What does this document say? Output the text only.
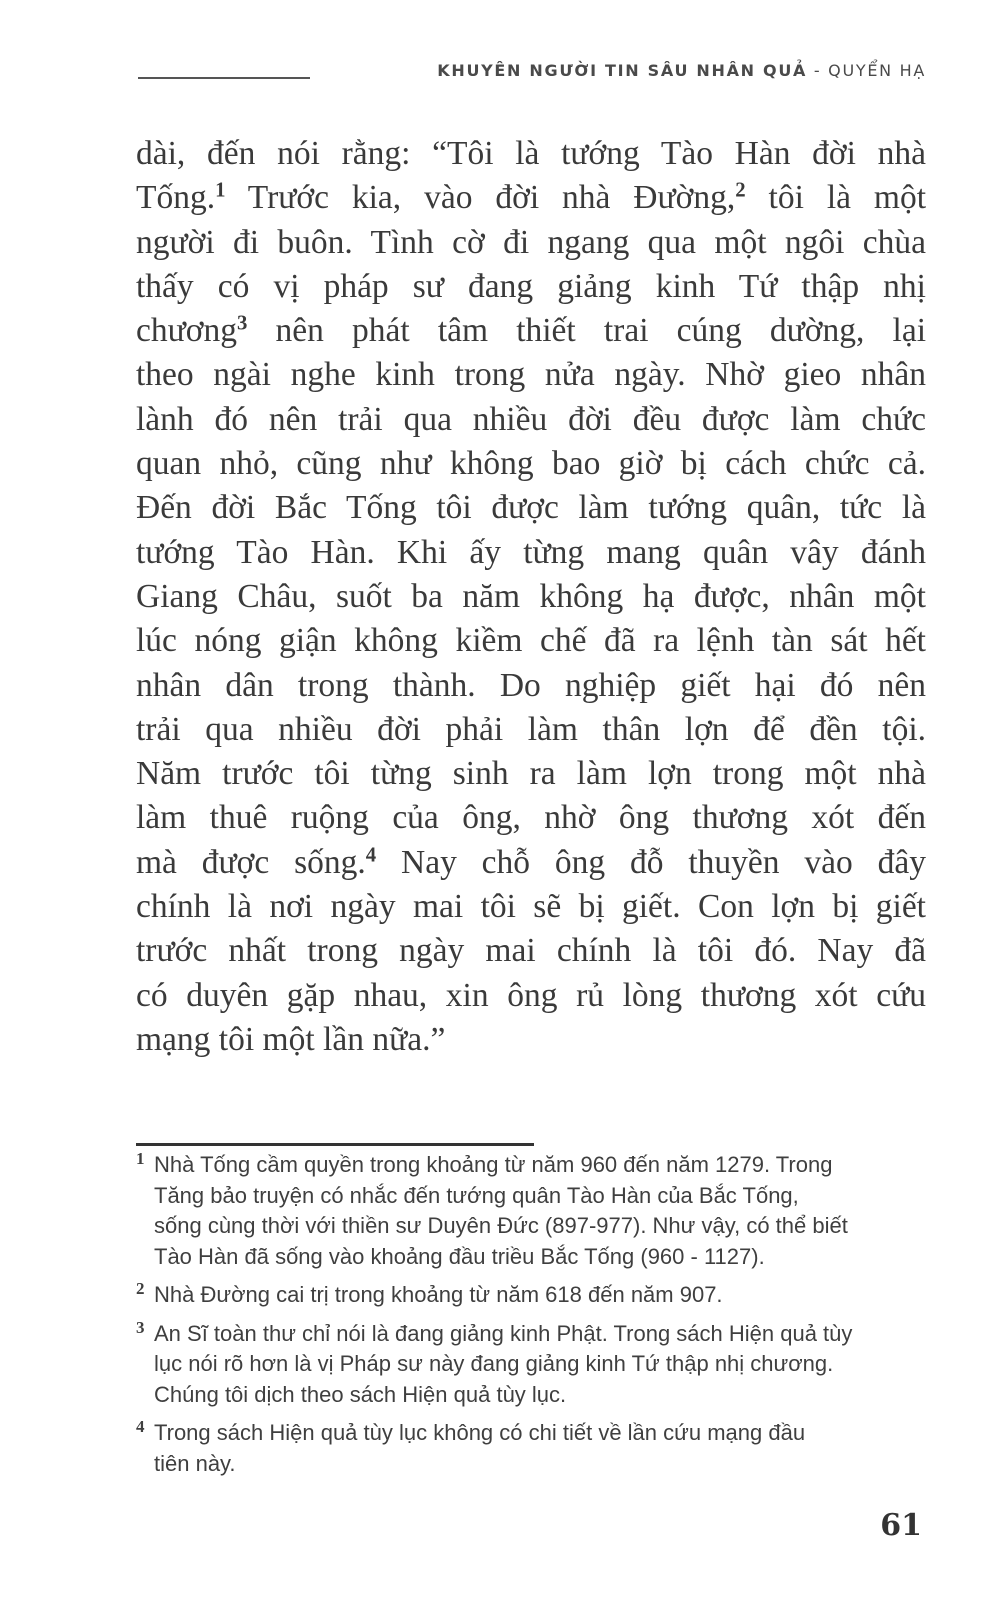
KHUYÊN NGƯỜI TIN SÂU NHÂN QUẢ - QUYỂN HẠ
dài, đến nói rằng: “Tôi là tướng Tào Hàn đời nhà
Tống.$^1$ Trước kia, vào đời nhà Đường,$^2$ tôi là một
người đi buôn. Tình cờ đi ngang qua một ngôi chùa
thấy có vị pháp sư đang giảng kinh Tứ thập nhị
chương$^3$ nên phát tâm thiết trai cúng dường, lại
theo ngài nghe kinh trong nửa ngày. Nhờ gieo nhân
lành đó nên trải qua nhiều đời đều được làm chức
quan nhỏ, cũng như không bao giờ bị cách chức cả.
Đến đời Bắc Tống tôi được làm tướng quân, tức là
tướng Tào Hàn. Khi ấy từng mang quân vây đánh
Giang Châu, suốt ba năm không hạ được, nhân một
lúc nóng giận không kiềm chế đã ra lệnh tàn sát hết
nhân dân trong thành. Do nghiệp giết hại đó nên
trải qua nhiều đời phải làm thân lợn để đền tội.
Năm trước tôi từng sinh ra làm lợn trong một nhà
làm thuê ruộng của ông, nhờ ông thương xót đến
mà được sống.$^4$ Nay chỗ ông đỗ thuyền vào đây
chính là nơi ngày mai tôi sẽ bị giết. Con lợn bị giết
trước nhất trong ngày mai chính là tôi đó. Nay đã
có duyên gặp nhau, xin ông rủ lòng thương xót cứu
mạng tôi một lần nữa.”
1 Nhà Tống cầm quyền trong khoảng từ năm 960 đến năm 1279. Trong
Tăng bảo truyện có nhắc đến tướng quân Tào Hàn của Bắc Tống,
sống cùng thời với thiền sư Duyên Đức (897-977). Như vậy, có thể biết
Tào Hàn đã sống vào khoảng đầu triều Bắc Tống (960 - 1127).
2 Nhà Đường cai trị trong khoảng từ năm 618 đến năm 907.
3 An Sĩ toàn thư chỉ nói là đang giảng kinh Phật. Trong sách Hiện quả tùy
lục nói rõ hơn là vị Pháp sư này đang giảng kinh Tứ thập nhị chương.
Chúng tôi dịch theo sách Hiện quả tùy lục.
4 Trong sách Hiện quả tùy lục không có chi tiết về lần cứu mạng đầu
tiên này.
61
